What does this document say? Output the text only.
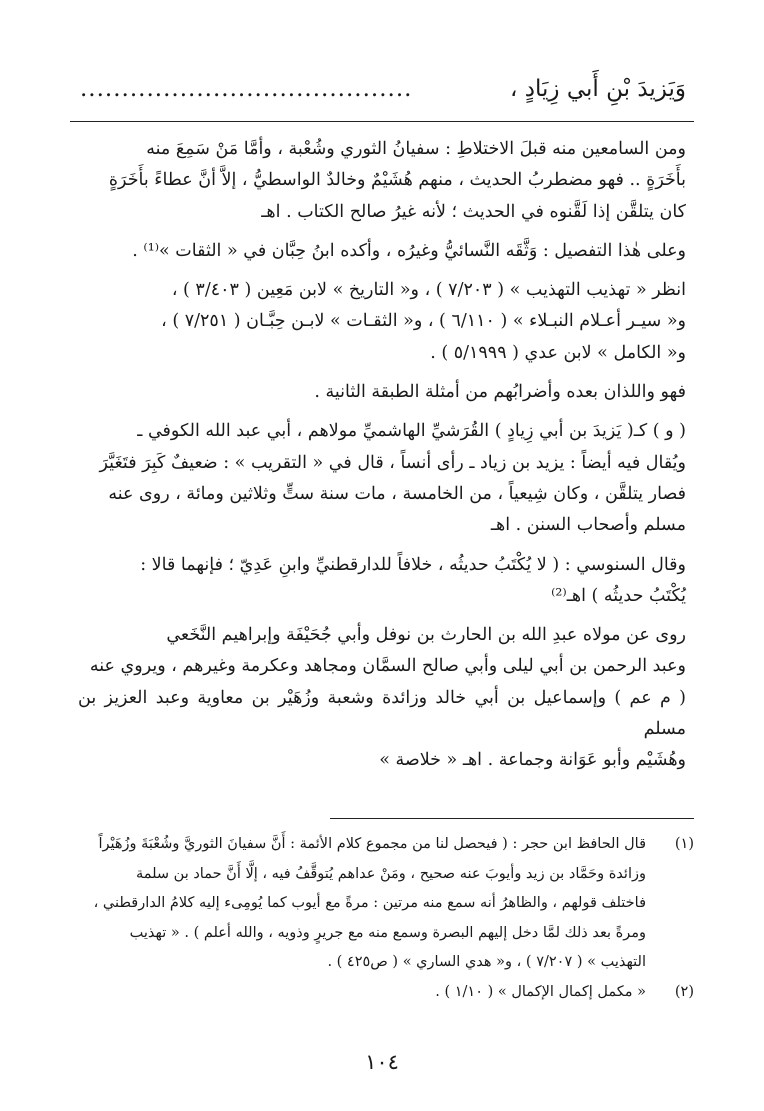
وَيَزيدَ بْنِ أَبي زِيَادٍ ،
........................................

ومن السامعين منه قبلَ الاختلاطِ : سفيانُ الثوري وشُعْبة ، وأمَّا مَنْ سَمِعَ منه
بأَخَرَةٍ .. فهو مضطربُ الحديث ، منهم هُشَيْمٌ وخالدٌ الواسطيُّ ، إلاَّ أنَّ عطاءً بأَخَرَةٍ
كان يتلقَّن إذا لَقَّنوه في الحديث ؛ لأنه غيرُ صالح الكتاب . اهـ

وعلى هٰذا التفصيل : وَثَّقَه النَّسائيُّ وغيرُه ، وأكده ابنُ حِبَّان في « الثقات »⁽¹⁾ .

انظر « تهذيب التهذيب » ( ٧/٢٠٣ ) ، و« التاريخ » لابن مَعِين ( ٣/٤٠٣ ) ،
و« سيـر أعـلام النبـلاء » ( ٦/١١٠ ) ، و« الثقـات » لابـن حِبَّـان ( ٧/٢٥١ ) ،
و« الكامل » لابن عدي ( ٥/١٩٩٩ ) .

فهو واللذان بعده وأضرابُهم من أمثلة الطبقة الثانية .

( و ) كـ( يَزيدَ بن أبي زِيادٍ ) القُرَشيِّ الهاشميِّ مولاهم ، أبي عبد الله الكوفي ـ
ويُقال فيه أيضاً : يزيد بن زياد ـ رأى أنساً ، قال في « التقريب » : ضعيفٌ كَبِرَ فتَغَيَّرَ
فصار يتلقَّن ، وكان شِيعياً ، من الخامسة ، مات سنة ستٍّ وثلاثين ومائة ، روى عنه
مسلم وأصحاب السنن . اهـ

وقال السنوسي : ( لا يُكْتَبُ حديثُه ، خلافاً للدارقطنيِّ وابنِ عَدِيّ ؛ فإنهما قالا :
يُكْتَبُ حديثُه ) اهـ⁽²⁾

روى عن مولاه عبدِ الله بن الحارث بن نوفل وأبي جُحَيْفَة وإبراهيم النَّخَعي
وعبد الرحمن بن أبي ليلى وأبي صالح السمَّان ومجاهد وعكرمة وغيرهم ، ويروي عنه
( م عم ) وإسماعيل بن أبي خالد وزائدة وشعبة وزُهَيْر بن معاوية وعبد العزيز بن مسلم
وهُشَيْم وأبو عَوَانة وجماعة . اهـ « خلاصة »

(١)
قال الحافظ ابن حجر : ( فيحصل لنا من مجموع كلام الأئمة : أَنَّ سفيانَ الثوريَّ وشُعْبَةَ وزُهَيْراً
وزائدة وحَمَّاد بن زيد وأيوبَ عنه صحيح ، ومَنْ عداهم يُتوقَّفُ فيه ، إلَّا أَنَّ حماد بن سلمة
فاختلف قولهم ، والظاهرُ أنه سمع منه مرتين : مرةً مع أيوب كما يُومِىء إليه كلامُ الدارقطني ،
ومرةً بعد ذلك لمَّا دخل إليهم البصرة وسمع منه مع جريرٍ وذويه ، والله أعلم ) . « تهذيب
التهذيب » ( ٧/٢٠٧ ) ، و« هدي الساري » ( ص٤٢٥ ) .
(٢)
« مكمل إكمال الإكمال » ( ١/١٠ ) .
١٠٤
